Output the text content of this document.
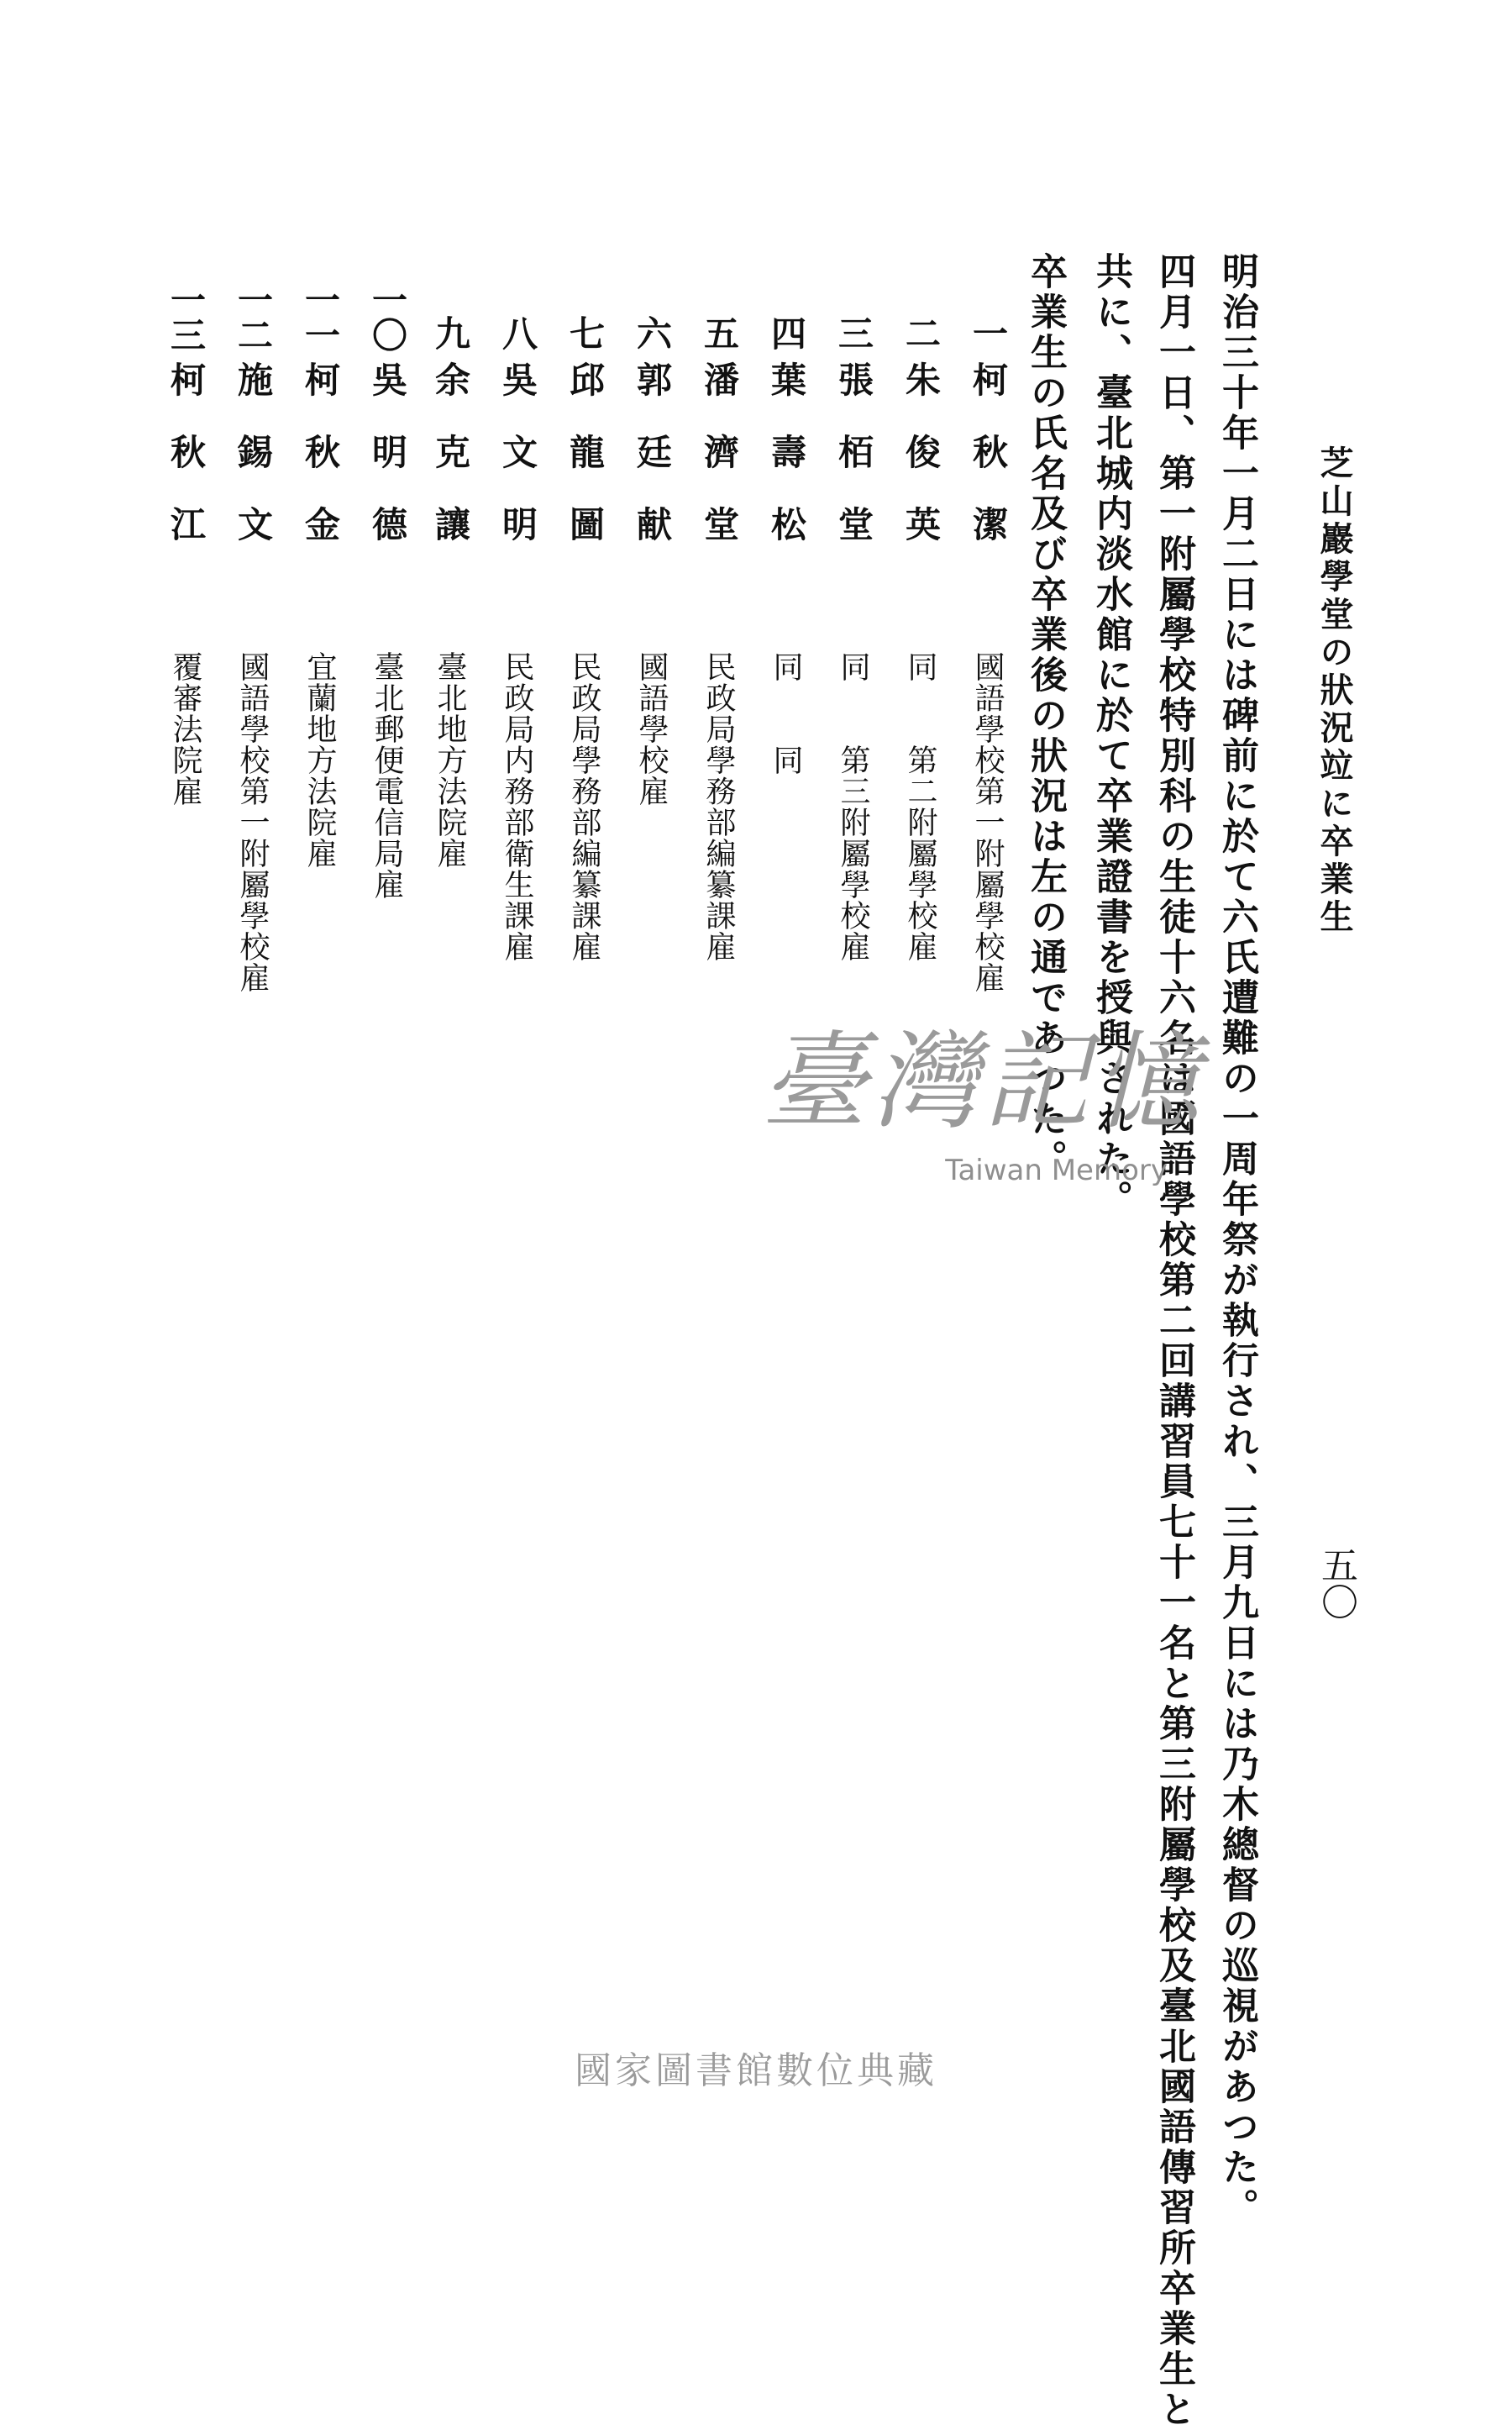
芝山巖學堂の狀況竝に卒業生

五〇

明治三十年一月二日には碑前に於て六氏遭難の一周年祭が執行され、三月九日には乃木總督の巡視があつた。

四月一日、第一附屬學校特別科の生徒十六名は國語學校第二回講習員七十一名と第三附屬學校及臺北國語傳習所卒業生と

共に、臺北城内淡水館に於て卒業證書を授與された。

卒業生の氏名及び卒業後の狀況は左の通であつた。

一

柯秋潔

國語學校第一附屬學校雇

二

朱俊英

同　　第二附屬學校雇

三

張栢堂

同　　第三附屬學校雇

四

葉壽松

同　　同

五

潘濟堂

民政局學務部編纂課雇

六

郭廷献

國語學校雇

七

邱龍圖

民政局學務部編纂課雇

八

吳文明

民政局内務部衛生課雇

九

余克讓

臺北地方法院雇

一〇

吳明德

臺北郵便電信局雇

一一

柯秋金

宜蘭地方法院雇

一二

施錫文

國語學校第一附屬學校雇

一三

柯秋江

覆審法院雇

臺灣記憶
Taiwan Memory
國家圖書館數位典藏
